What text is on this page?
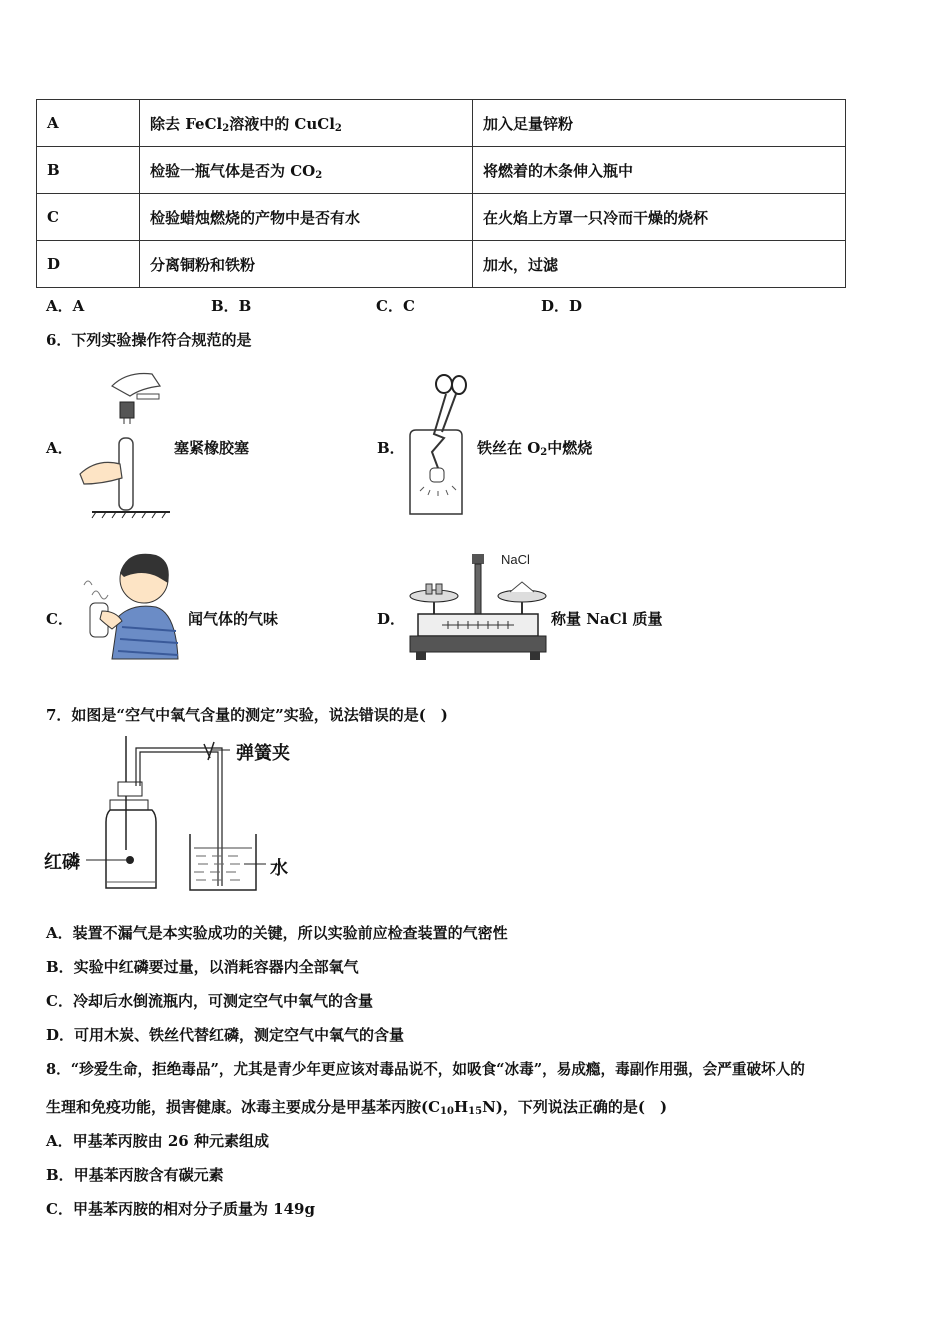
A	除去 FeCl$_2$溶液中的 CuCl$_2$	加入足量锌粉
B	检验一瓶气体是否为 $CO_2$	将燃着的木条伸入瓶中
C	检验蜡烛燃烧的产物中是否有水	在火焰上方罩一只冷而干燥的烧杯
D	分离铜粉和铁粉	加水，过滤
A．A	B．B	C．C	D．D
6．下列实验操作符合规范的是
A．	塞紧橡胶塞	B．	铁丝在 $O_2$中燃烧
C．	闻气体的气味	D．
NaCl
称量 NaCl 质量
7．如图是“空气中氧气含量的测定”实验，说法错误的是(　)
弹簧夹
红磷	水
A．装置不漏气是本实验成功的关键，所以实验前应检查装置的气密性
B．实验中红磷要过量，以消耗容器内全部氧气
C．冷却后水倒流瓶内，可测定空气中氧气的含量
D．可用木炭、铁丝代替红磷，测定空气中氧气的含量
8．“珍爱生命，拒绝毒品”，尤其是青少年更应该对毒品说不，如吸食“冰毒”，易成瘾，毒副作用强，会严重破坏人的
生理和免疫功能，损害健康。冰毒主要成分是甲基苯丙胺$(C_{10}H_{15}N)$，下列说法正确的是(　)
A．甲基苯丙胺由 26 种元素组成
B．甲基苯丙胺含有碳元素
C．甲基苯丙胺的相对分子质量为 149g
